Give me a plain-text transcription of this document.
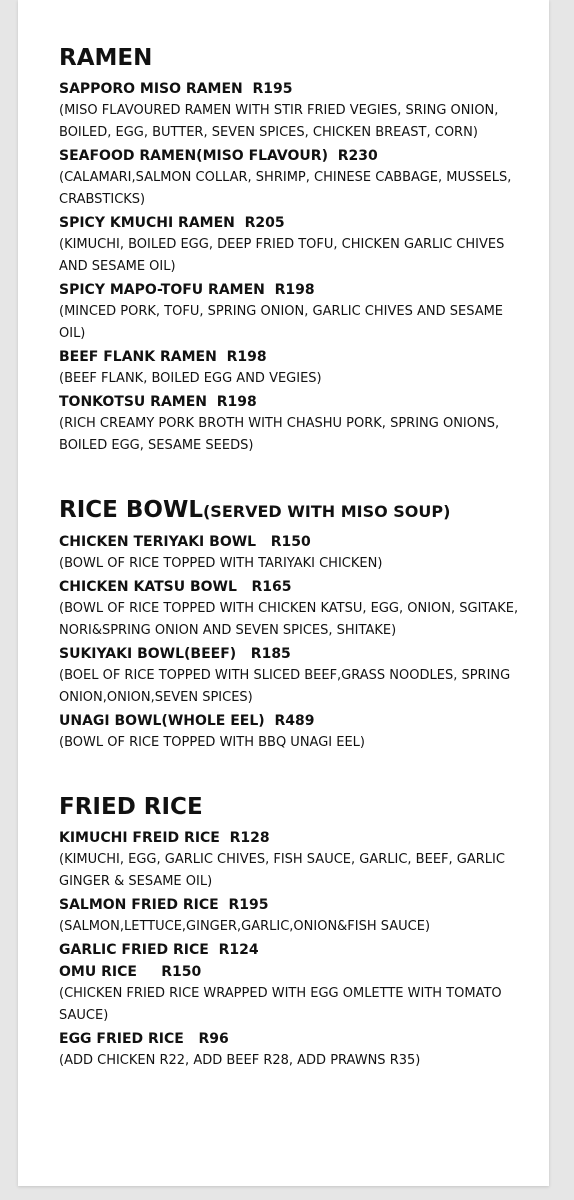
RAMEN
SAPPORO MISO RAMEN R195
(MISO FLAVOURED RAMEN WITH STIR FRIED VEGIES, SRING ONION, BOILED, EGG, BUTTER, SEVEN SPICES, CHICKEN BREAST, CORN)
SEAFOOD RAMEN(MISO FLAVOUR) R230
(CALAMARI,SALMON COLLAR, SHRIMP, CHINESE CABBAGE, MUSSELS, CRABSTICKS)
SPICY KMUCHI RAMEN R205
(KIMUCHI, BOILED EGG, DEEP FRIED TOFU, CHICKEN GARLIC CHIVES AND SESAME OIL)
SPICY MAPO-TOFU RAMEN R198
(MINCED PORK, TOFU, SPRING ONION, GARLIC CHIVES AND SESAME OIL)
BEEF FLANK RAMEN R198
(BEEF FLANK, BOILED EGG AND VEGIES)
TONKOTSU RAMEN R198
(RICH CREAMY PORK BROTH WITH CHASHU PORK, SPRING ONIONS, BOILED EGG, SESAME SEEDS)
RICE BOWL(SERVED WITH MISO SOUP)
CHICKEN TERIYAKI BOWL R150
(BOWL OF RICE TOPPED WITH TARIYAKI CHICKEN)
CHICKEN KATSU BOWL R165
(BOWL OF RICE TOPPED WITH CHICKEN KATSU, EGG, ONION, SGITAKE, NORI&SPRING ONION AND SEVEN SPICES, SHITAKE)
SUKIYAKI BOWL(BEEF) R185
(BOEL OF RICE TOPPED WITH SLICED BEEF,GRASS NOODLES, SPRING ONION,ONION,SEVEN SPICES)
UNAGI BOWL(WHOLE EEL) R489
(BOWL OF RICE TOPPED WITH BBQ UNAGI EEL)
FRIED RICE
KIMUCHI FREID RICE R128
(KIMUCHI, EGG, GARLIC CHIVES, FISH SAUCE, GARLIC, BEEF, GARLIC GINGER & SESAME OIL)
SALMON FRIED RICE R195
(SALMON,LETTUCE,GINGER,GARLIC,ONION&FISH SAUCE)
GARLIC FRIED RICE R124
OMU RICE R150
(CHICKEN FRIED RICE WRAPPED WITH EGG OMLETTE WITH TOMATO SAUCE)
EGG FRIED RICE R96
(ADD CHICKEN R22, ADD BEEF R28, ADD PRAWNS R35)
